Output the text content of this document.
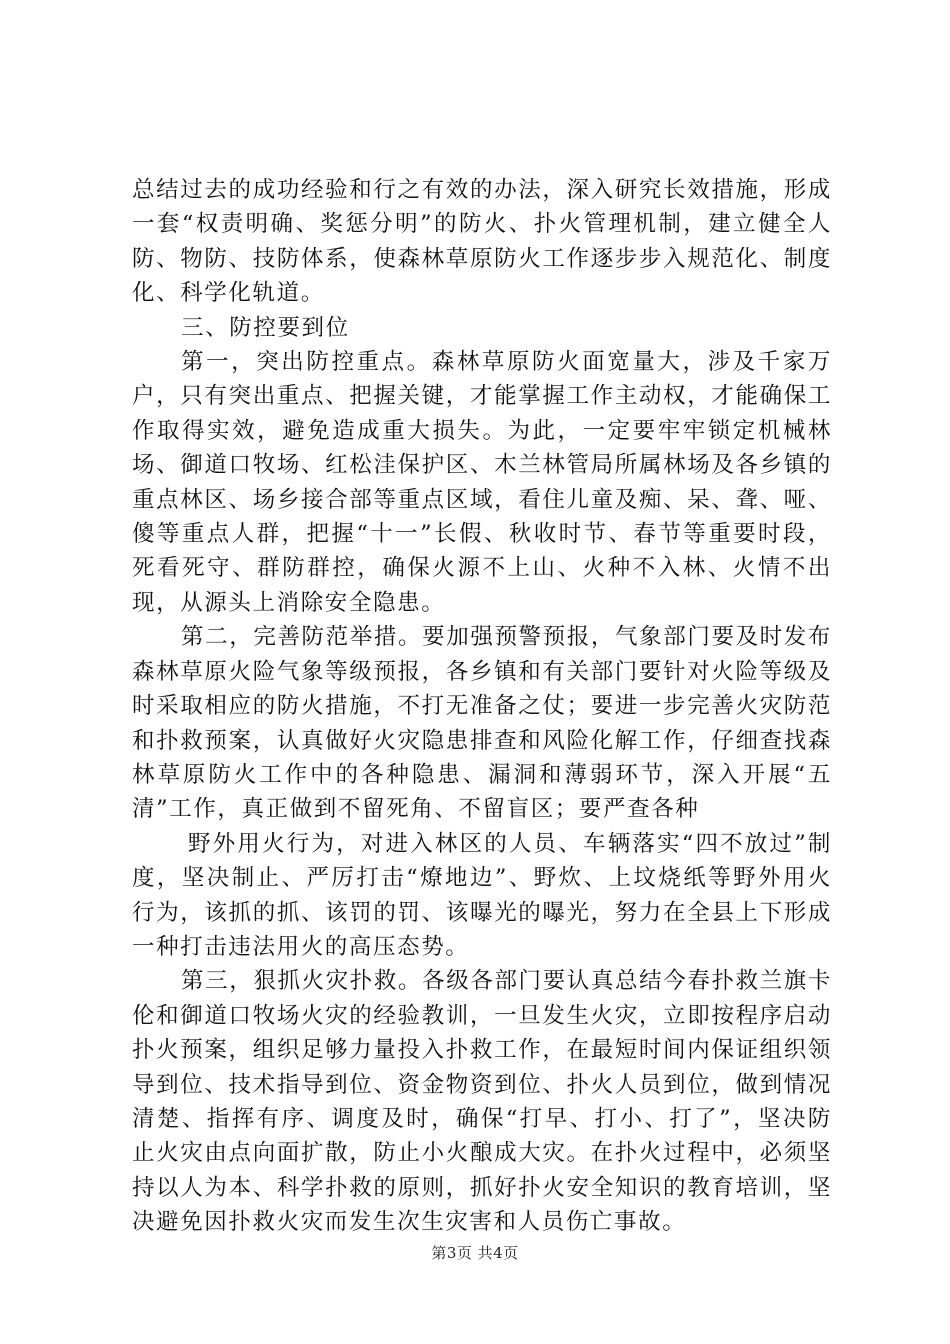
总结过去的成功经验和行之有效的办法，深入研究长效措施，形成一套“权责明确、奖惩分明”的防火、扑火管理机制，建立健全人防、物防、技防体系，使森林草原防火工作逐步步入规范化、制度化、科学化轨道。

三、防控要到位

第一，突出防控重点。森林草原防火面宽量大，涉及千家万户，只有突出重点、把握关键，才能掌握工作主动权，才能确保工作取得实效，避免造成重大损失。为此，一定要牢牢锁定机械林场、御道口牧场、红松洼保护区、木兰林管局所属林场及各乡镇的重点林区、场乡接合部等重点区域，看住儿童及痴、呆、聋、哑、傻等重点人群，把握“十一”长假、秋收时节、春节等重要时段，死看死守、群防群控，确保火源不上山、火种不入林、火情不出现，从源头上消除安全隐患。

第二，完善防范举措。要加强预警预报，气象部门要及时发布森林草原火险气象等级预报，各乡镇和有关部门要针对火险等级及时采取相应的防火措施，不打无准备之仗；要进一步完善火灾防范和扑救预案，认真做好火灾隐患排查和风险化解工作，仔细查找森林草原防火工作中的各种隐患、漏洞和薄弱环节，深入开展“五清”工作，真正做到不留死角、不留盲区；要严查各种

野外用火行为，对进入林区的人员、车辆落实“四不放过”制度，坚决制止、严厉打击“燎地边”、野炊、上坟烧纸等野外用火行为，该抓的抓、该罚的罚、该曝光的曝光，努力在全县上下形成一种打击违法用火的高压态势。

第三，狠抓火灾扑救。各级各部门要认真总结今春扑救兰旗卡伦和御道口牧场火灾的经验教训，一旦发生火灾，立即按程序启动扑火预案，组织足够力量投入扑救工作，在最短时间内保证组织领导到位、技术指导到位、资金物资到位、扑火人员到位，做到情况清楚、指挥有序、调度及时，确保“打早、打小、打了”，坚决防止火灾由点向面扩散，防止小火酿成大灾。在扑火过程中，必须坚持以人为本、科学扑救的原则，抓好扑火安全知识的教育培训，坚决避免因扑救火灾而发生次生灾害和人员伤亡事故。

第3页 共4页
